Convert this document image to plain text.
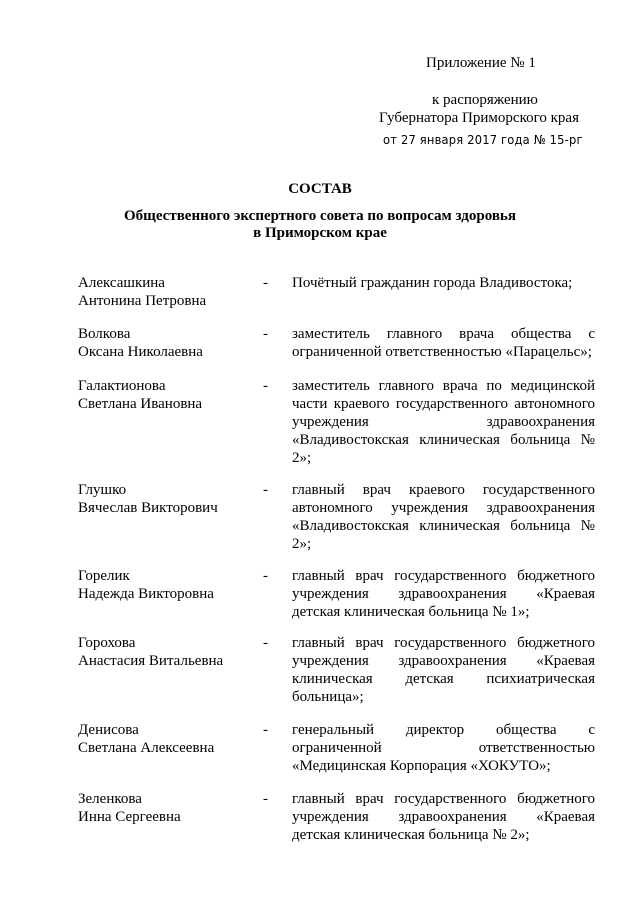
Приложение № 1
к распоряжению
Губернатора Приморского края
от 27 января 2017 года № 15-рг
СОСТАВ
Общественного экспертного совета по вопросам здоровья
в Приморском крае
Алексашкина
Антонина Петровна
- Почётный гражданин города Владивостока;
Волкова
Оксана Николаевна
- заместитель главного врача общества с ограниченной ответственностью «Парацельс»;
Галактионова
Светлана Ивановна
- заместитель главного врача по медицинской части краевого государственного автономного учреждения здравоохранения «Владивостокская клиническая больница № 2»;
Глушко
Вячеслав Викторович
- главный врач краевого государственного автономного учреждения здравоохранения «Владивостокская клиническая больница № 2»;
Горелик
Надежда Викторовна
- главный врач государственного бюджетного учреждения здравоохранения «Краевая детская клиническая больница № 1»;
Горохова
Анастасия Витальевна
- главный врач государственного бюджетного учреждения здравоохранения «Краевая клиническая детская психиатрическая больница»;
Денисова
Светлана Алексеевна
- генеральный директор общества с ограниченной ответственностью «Медицинская Корпорация «ХОКУТО»;
Зеленкова
Инна Сергеевна
- главный врач государственного бюджетного учреждения здравоохранения «Краевая детская клиническая больница № 2»;
